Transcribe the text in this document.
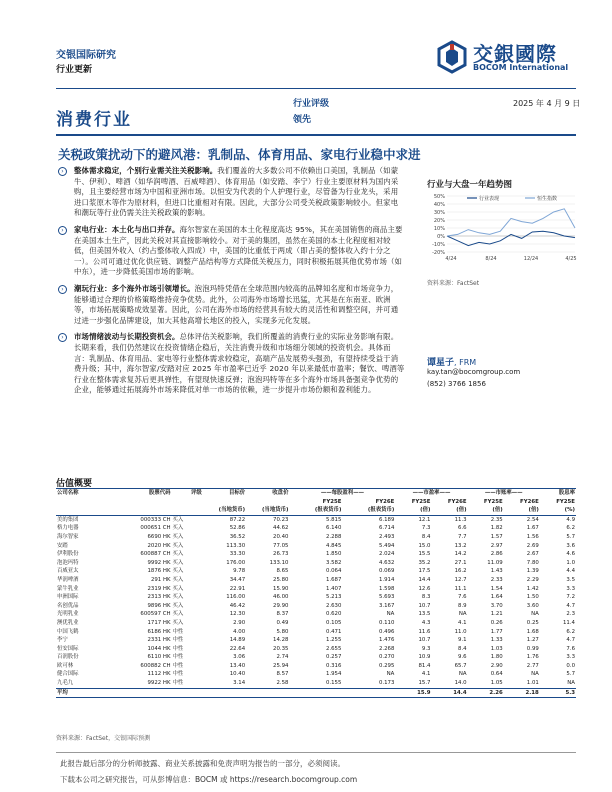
交银国际研究
行业更新
交銀國際
BOCOM International
消费行业
行业评级
领先
2025 年 4 月 9 日
关税政策扰动下的避风港：乳制品、体育用品、家电行业稳中求进
›	整体需求稳定，个别行业需关注关税影响。我们覆盖的大多数公司不依赖出口美国，乳制品（如蒙牛、伊利）、啤酒（如华润啤酒、百威啤酒）、体育用品（如安踏、李宁）行业主要原材料为国内采购，且主要经营市场为中国和亚洲市场。以恒安为代表的个人护理行业，尽管备为行业龙头，采用进口浆原木等作为原材料，但进口比重相对有限。因此，大部分公司受关税政策影响较小。但家电和潮玩等行业仍需关注关税政策的影响。
›	家电行业：本土化与出口并存。海尔智家在美国的本土化程度高达 95%，其在美国销售的商品主要在美国本土生产，因此关税对其直接影响较小。对于美的集团，虽然在美国的本土化程度相对较低，但美国外收入（约占整体收入四成）中，美国的比重低于两成（即占美的整体收入约十分之一）。公司可通过优化供应链、调整产品结构等方式降低关税压力，同时积极拓展其他优势市场（如中东），进一步降低美国市场的影响。
›	潮玩行业：多个海外市场引领增长。泡泡玛特凭借在全球范围内较高的品牌知名度和市场竞争力，能够通过合理的价格策略维持竞争优势。此外，公司海外市场增长迅猛，尤其是在东南亚、欧洲等，市场拓展策略成效显著。因此，公司在海外市场的经营具有较大的灵活性和调整空间，并可通过进一步强化品牌建设，加大其他高增长地区的投入，实现多元化发展。
›	市场情绪波动与长期投资机会。总体评估关税影响，我们所覆盖的消费行业的实际业务影响有限。长期来看，我们仍然建议在投资情绪企稳后，关注消费升级和市场细分领域的投资机会。具体而言：乳制品、体育用品、家电等行业整体需求较稳定，高端产品发展势头强劲，有望持续受益于消费升级；其中，海尔智家/安踏对应 2025 年市盈率已近乎 2020 年以来最低市盈率；餐饮、啤酒等行业在整体需求复苏后更具弹性，有望现快速反弹；泡泡玛特等在多个海外市场具备强竞争优势的企业，能够通过拓展海外市场来降低对单一市场的依赖，进一步提升市场份额和盈利能力。
行业与大盘一年趋势图
50%
40%
30%
20%
10%
0%
-10%
-20%
4/24	8/24	12/24	4/25
行业表现	恒生指数
资料来源：FactSet
谭星子, FRM
kay.tan@bocomgroup.com
(852) 3766 1856
估值概要
公司名称	股票代码	评级	目标价	收盘价	——每股盈利——		——市盈率——		——市账率——		股息率
					FY25E	FY26E	FY25E	FY26E	FY25E	FY26E	FY25E
			(当地货币)	(当地货币)	(报表货币)	(报表货币)	(倍)	(倍)	(倍)	(倍)	(%)
美的集团	000333 CH	买入	87.22	70.23	5.815	6.189	12.1	11.3	2.35	2.54	4.9
格力电器	000651 CH	买入	52.86	44.62	6.140	6.714	7.3	6.6	1.82	1.67	6.2
海尔智家	6690 HK	买入	36.52	20.40	2.288	2.493	8.4	7.7	1.57	1.56	5.7
安踏	2020 HK	买入	113.30	77.05	4.845	5.494	15.0	13.2	2.97	2.69	3.6
伊利股份	600887 CH	买入	33.30	26.73	1.850	2.024	15.5	14.2	2.86	2.67	4.6
泡泡玛特	9992 HK	买入	176.00	133.10	3.582	4.632	35.2	27.1	11.09	7.80	1.0
百威亚太	1876 HK	买入	9.78	8.65	0.064	0.069	17.5	16.2	1.43	1.39	4.4
华润啤酒	291 HK	买入	34.47	25.80	1.687	1.914	14.4	12.7	2.33	2.29	3.5
蒙牛乳业	2319 HK	买入	22.91	15.90	1.407	1.598	12.6	11.1	1.54	1.42	3.3
申洲国际	2313 HK	买入	116.00	46.00	5.213	5.693	8.3	7.6	1.64	1.50	7.2
名创优品	9896 HK	买入	46.42	29.90	2.630	3.167	10.7	8.9	3.70	3.60	4.7
光明乳业	600597 CH	买入	12.30	8.37	0.620	NA	13.5	NA	1.21	NA	2.3
澳优乳业	1717 HK	买入	2.90	0.49	0.105	0.110	4.3	4.1	0.26	0.25	11.4
中国飞鹤	6186 HK	中性	4.00	5.80	0.471	0.496	11.6	11.0	1.77	1.68	6.2
李宁	2331 HK	中性	14.89	14.28	1.255	1.476	10.7	9.1	1.33	1.27	4.7
恒安国际	1044 HK	中性	22.64	20.35	2.655	2.268	9.3	8.4	1.03	0.99	7.6
百润股份	6110 HK	中性	3.06	2.74	0.257	0.270	10.9	9.6	1.80	1.76	3.3
欧可林	600882 CH	中性	13.40	25.94	0.316	0.295	81.4	65.7	2.90	2.77	0.0
健合国际	1112 HK	中性	10.40	8.57	1.954	NA	4.1	NA	0.64	NA	5.7
九毛九	9922 HK	中性	3.14	2.58	0.155	0.173	15.7	14.0	1.05	1.01	NA
平均							15.9	14.4	2.26	2.18	5.3
资料来源：FactSet，交银国际预测
此报告最后部分的分析师披露、商业关系披露和免责声明为报告的一部分，必须阅读。
下载本公司之研究报告，可从彭博信息：BOCM 或 https://research.bocomgroup.com
